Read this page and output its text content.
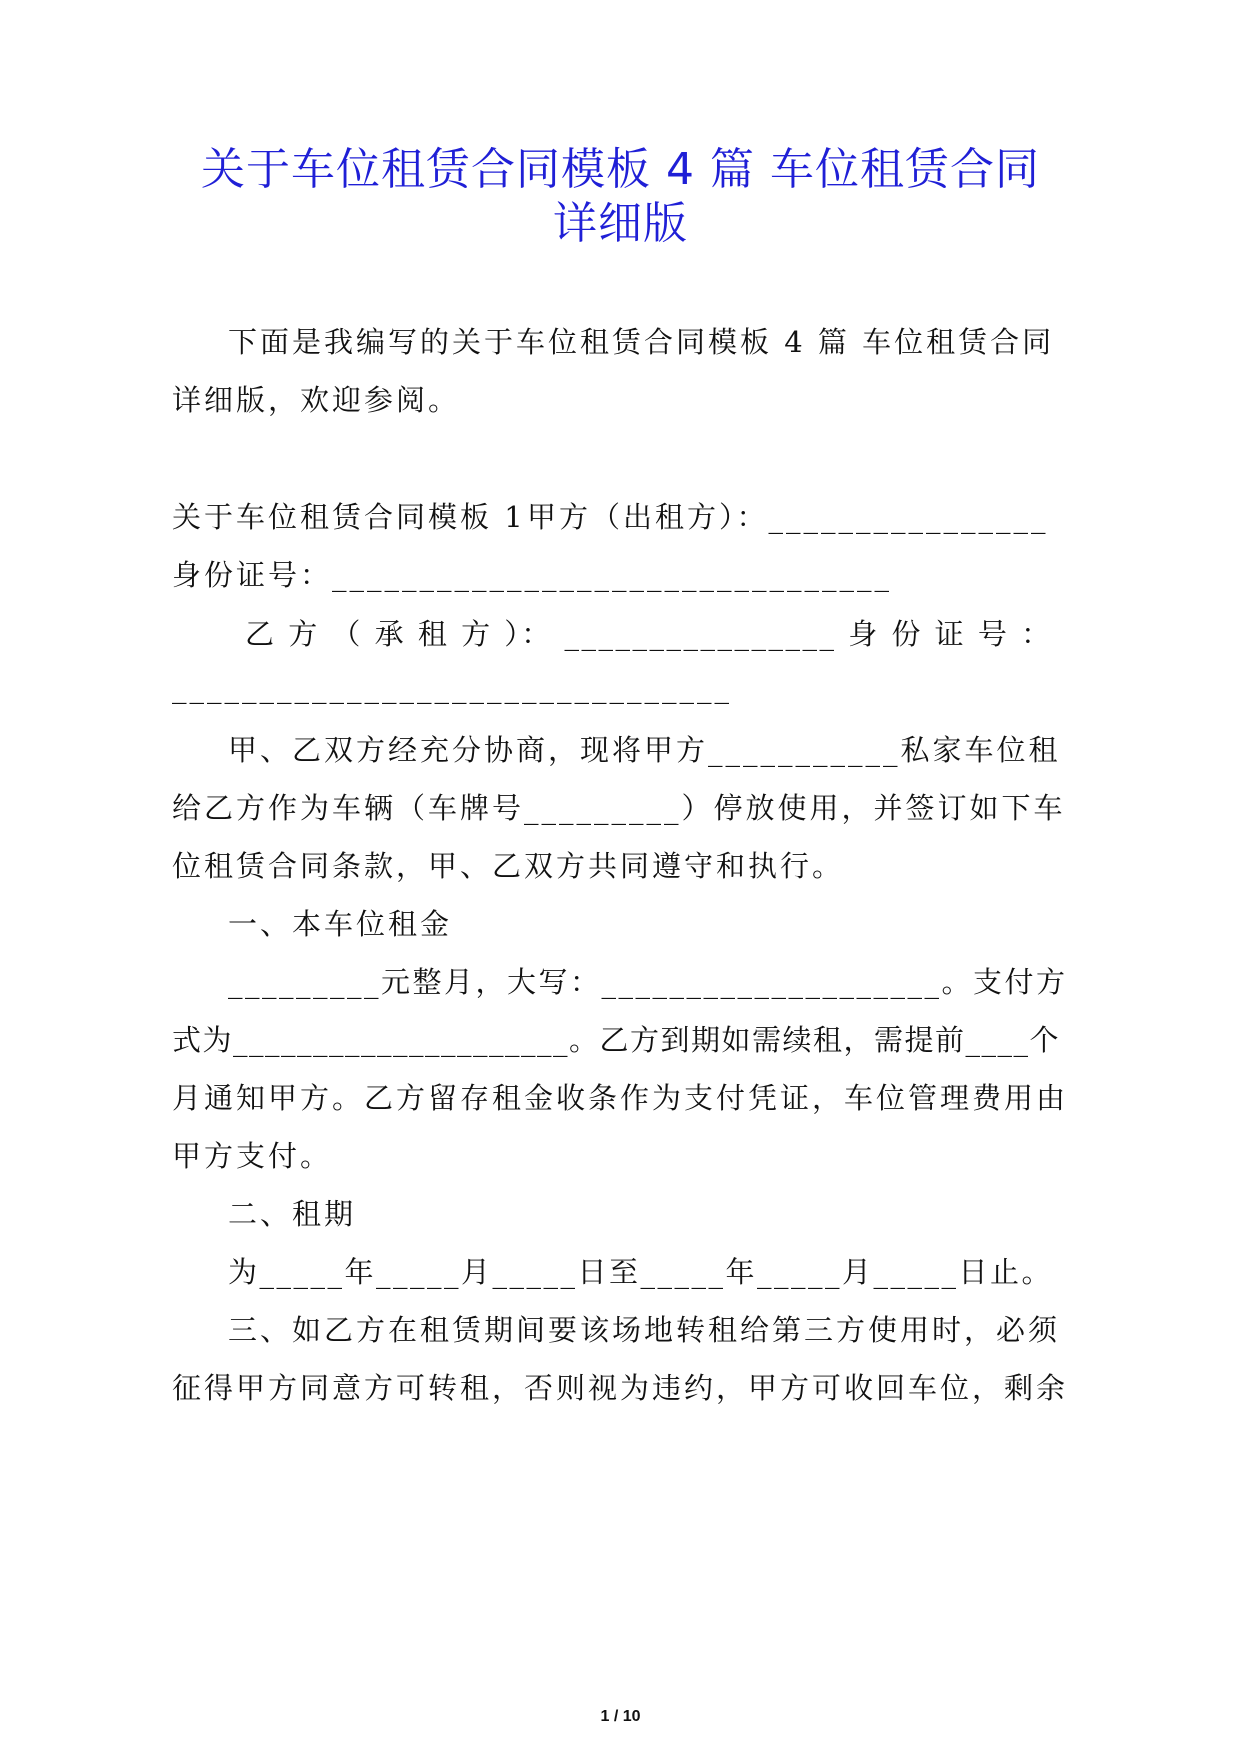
关于车位租赁合同模板 4 篇 车位租赁合同
详细版

下面是我编写的关于车位租赁合同模板 4 篇 车位租赁合同

详细版，欢迎参阅。

关于车位租赁合同模板 1 甲方（出租方）：________________

身份证号：________________________________

乙 方 （ 承 租 方 ）： ________________ 身 份 证 号 ：

________________________________

甲、乙双方经充分协商，现将甲方___________私家车位租

给乙方作为车辆（车牌号_________）停放使用，并签订如下车

位租赁合同条款，甲、乙双方共同遵守和执行。

一、本车位租金

_________元整月，大写：____________________。支付方

式为_____________________。乙方到期如需续租，需提前____个

月通知甲方。乙方留存租金收条作为支付凭证，车位管理费用由

甲方支付。

二、租期

为_____年_____月_____日至_____年_____月_____日止。

三、如乙方在租赁期间要该场地转租给第三方使用时，必须

征得甲方同意方可转租，否则视为违约，甲方可收回车位，剩余

1 / 10
